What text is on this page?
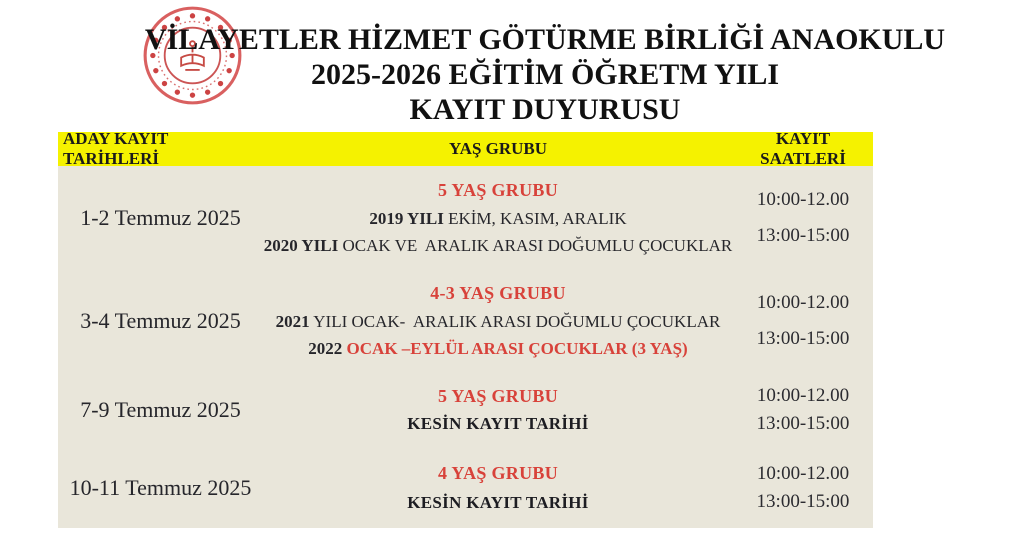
VİLAYETLER HİZMET GÖTÜRME BİRLİĞİ ANAOKULU
2025-2026 EĞİTİM ÖĞRETM YILI
KAYIT DUYURUSU
ADAY KAYIT TARİHLERİ
YAŞ GRUBU
KAYIT SAATLERİ
1-2 Temmuz 2025
5 YAŞ GRUBU
2019 YILI EKİM, KASIM, ARALIK
2020 YILI OCAK VE  ARALIK ARASI DOĞUMLU ÇOCUKLAR
10:00-12.00
13:00-15:00
3-4 Temmuz 2025
4-3 YAŞ GRUBU
2021 YILI OCAK-  ARALIK ARASI DOĞUMLU ÇOCUKLAR
2022 OCAK –EYLÜL ARASI ÇOCUKLAR (3 YAŞ)
10:00-12.00
13:00-15:00
7-9 Temmuz 2025
5 YAŞ GRUBU
KESİN KAYIT TARİHİ
10:00-12.00
13:00-15:00
10-11 Temmuz 2025
4 YAŞ GRUBU
KESİN KAYIT TARİHİ
10:00-12.00
13:00-15:00
